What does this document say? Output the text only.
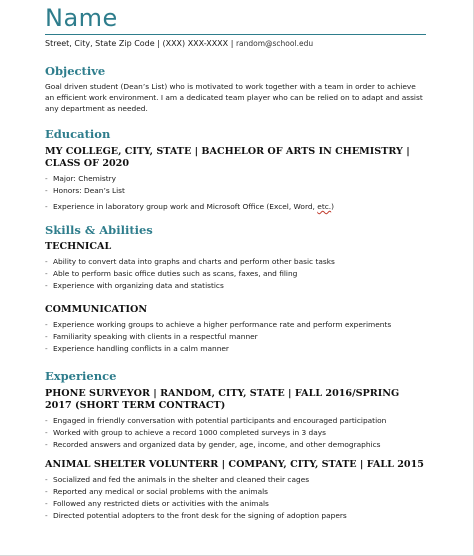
Name
Street, City, State Zip Code | (XXX) XXX-XXXX | random@school.edu
Objective

Goal driven student (Dean’s List) who is motivated to work together with a team in order to achieve an efficient work environment. I am a dedicated team player who can be relied on to adapt and assist any department as needed.

Education
MY COLLEGE, CITY, STATE | BACHELOR OF ARTS IN CHEMISTRY | CLASS OF 2020
- Major: Chemistry
- Honors: Dean’s List
- Experience in laboratory group work and Microsoft Office (Excel, Word, etc.)
Skills & Abilities
TECHNICAL
- Ability to convert data into graphs and charts and perform other basic tasks
- Able to perform basic office duties such as scans, faxes, and filing
- Experience with organizing data and statistics
COMMUNICATION
- Experience working groups to achieve a higher performance rate and perform experiments
- Familiarity speaking with clients in a respectful manner
- Experience handling conflicts in a calm manner
Experience
PHONE SURVEYOR | RANDOM, CITY, STATE | FALL 2016/SPRING 2017 (SHORT TERM CONTRACT)
- Engaged in friendly conversation with potential participants and encouraged participation
- Worked with group to achieve a record 1000 completed surveys in 3 days
- Recorded answers and organized data by gender, age, income, and other demographics
ANIMAL SHELTER VOLUNTERR | COMPANY, CITY, STATE | FALL 2015
- Socialized and fed the animals in the shelter and cleaned their cages
- Reported any medical or social problems with the animals
- Followed any restricted diets or activities with the animals
- Directed potential adopters to the front desk for the signing of adoption papers
